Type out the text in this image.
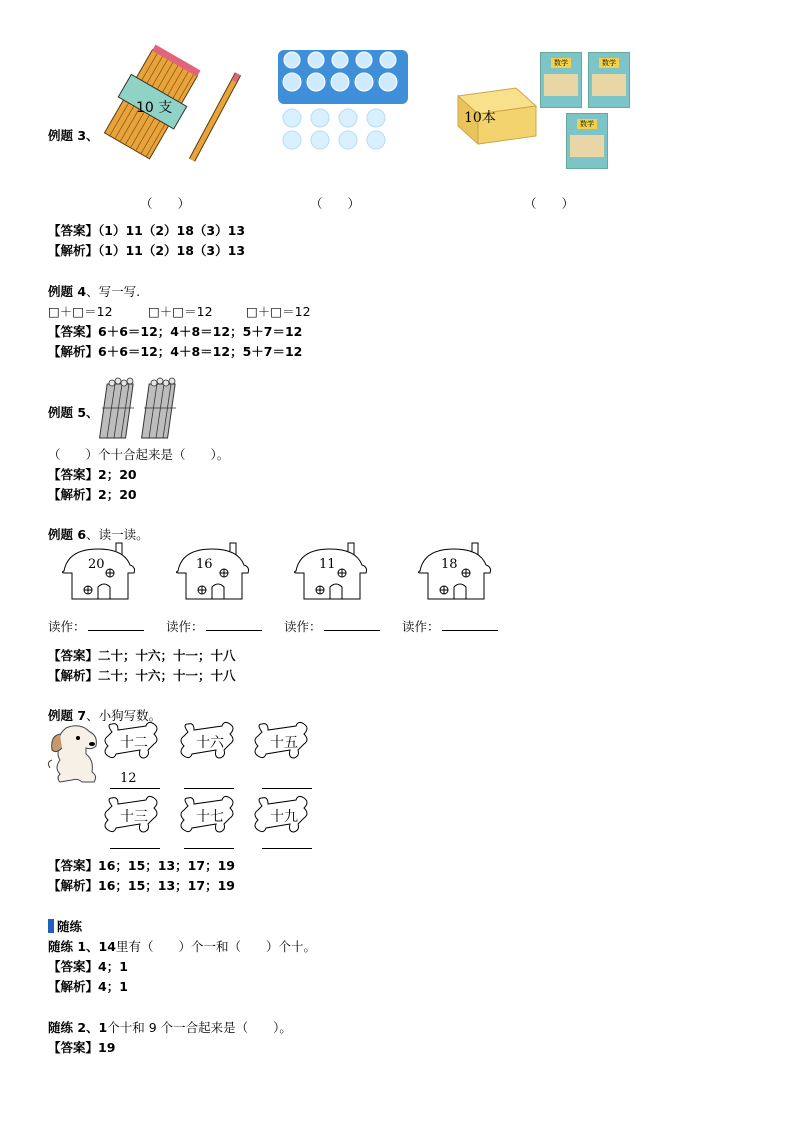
例题 3、
10 支
10本
数学	数学
数学
（　　）	（　　）	（　　）
【答案】（1）11（2）18（3）13
【解析】（1）11（2）18（3）13
例题 4、写一写.
□＋□＝12	□＋□＝12	□＋□＝12
【答案】6＋6＝12；4＋8＝12；5＋7＝12
【解析】6＋6＝12；4＋8＝12；5＋7＝12
例题 5、
（　　）个十合起来是（　　）。
【答案】2；20
【解析】2；20
例题 6、读一读。
20	16	11	18
读作：	读作：	读作：	读作：
【答案】二十；十六；十一；十八
【解析】二十；十六；十一；十八
例题 7、小狗写数。
十二	十六	十五
12
十三	十七	十九
【答案】16；15；13；17；19
【解析】16；15；13；17；19
随练
随练 1、14里有（　　）个一和（　　）个十。
【答案】4；1
【解析】4；1
随练 2、1个十和 9 个一合起来是（　　）。
【答案】19
